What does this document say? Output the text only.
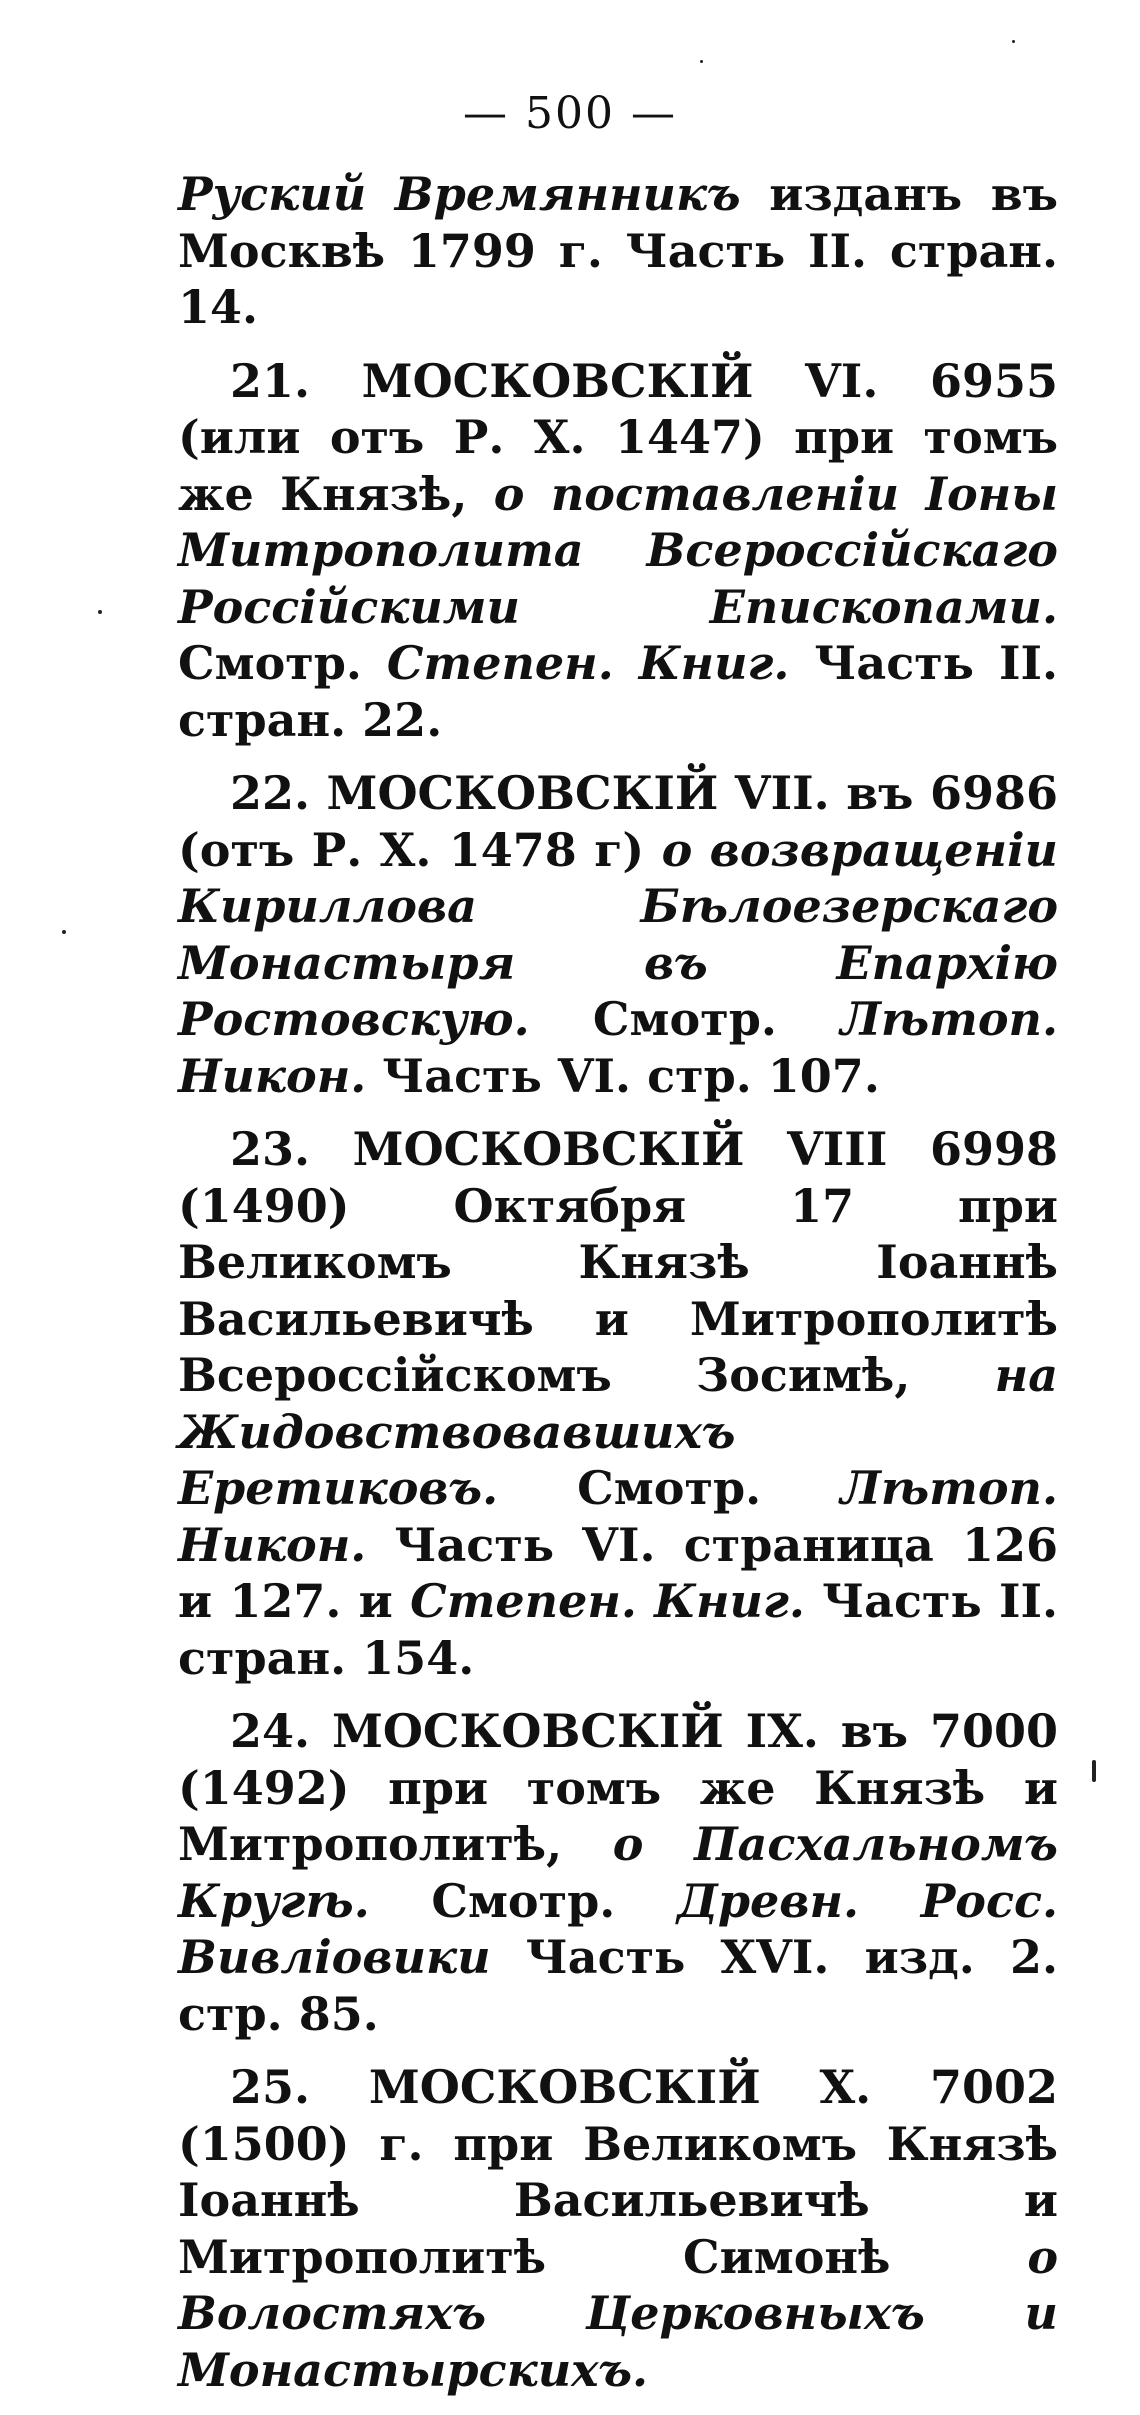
— 500 —

Руский Времянникъ изданъ въ Москвѣ 1799 г. Часть II. стран. 14.

21. МОСКОВСКІЙ VI. 6955 (или отъ Р. Х. 1447) при томъ же Князѣ, о поставленіи Іоны Митрополита Всероссійскаго Россійскими Епископами. Смотр. Степен. Книг. Часть II. стран. 22.

22. МОСКОВСКІЙ VII. въ 6986 (отъ Р. Х. 1478 г) о возвращеніи Кириллова Бѣлоезерскаго Монастыря въ Епархію Ростовскую. Смотр. Лѣтоп. Никон. Часть VI. стр. 107.

23. МОСКОВСКІЙ VIII 6998 (1490) Октября 17 при Великомъ Князѣ Іоаннѣ Васильевичѣ и Митрополитѣ Всероссійскомъ Зосимѣ, на Жидовствовавшихъ Еретиковъ. Смотр. Лѣтоп. Никон. Часть VI. страница 126 и 127. и Степен. Книг. Часть II. стран. 154.

24. МОСКОВСКІЙ IX. въ 7000 (1492) при томъ же Князѣ и Митрополитѣ, о Пасхальномъ Кругѣ. Смотр. Древн. Росс. Вивліовики Часть XVI. изд. 2. стр. 85.

25. МОСКОВСКІЙ X. 7002 (1500) г. при Великомъ Князѣ Іоаннѣ Васильевичѣ и Митрополитѣ Симонѣ о Волостяхъ Церковныхъ и Монастырскихъ.
